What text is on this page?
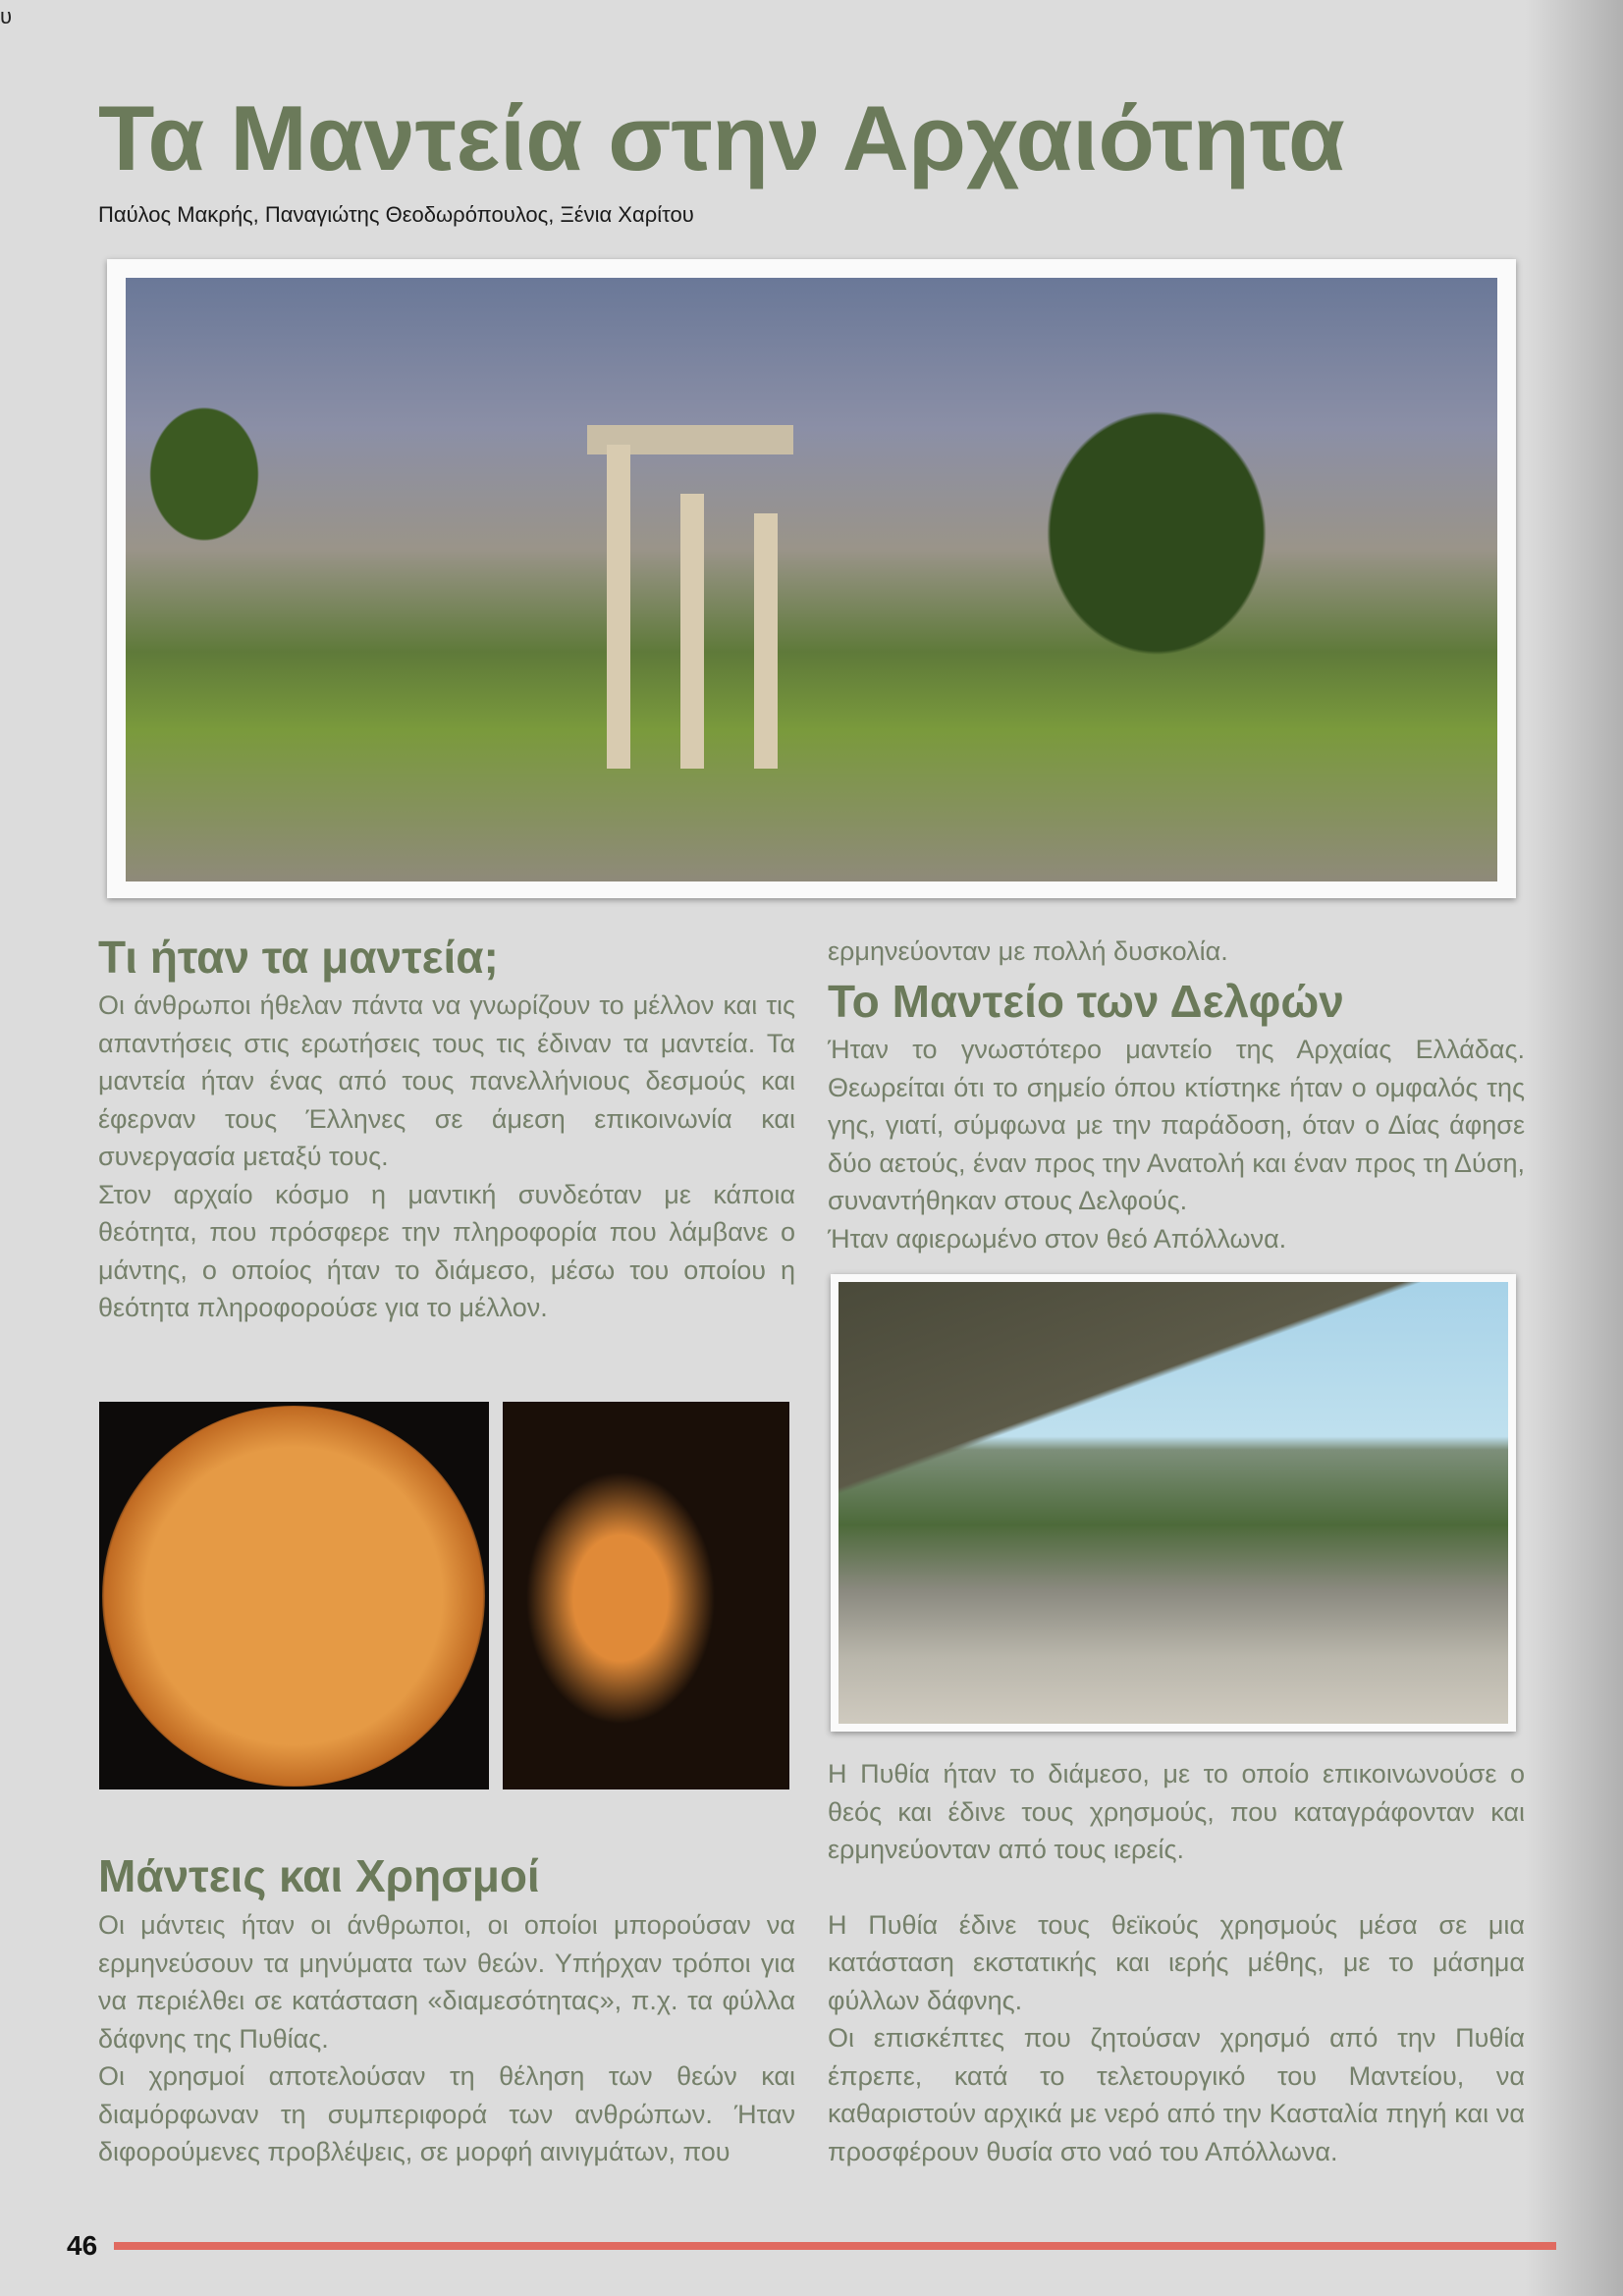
υ
Τα Μαντεία στην Αρχαιότητα
Παύλος Μακρής, Παναγιώτης Θεοδωρόπουλος, Ξένια Χαρίτου
Τι ήταν τα μαντεία;

Οι άνθρωποι ήθελαν πάντα να γνωρίζουν το μέλλον και τις απαντήσεις στις ερωτήσεις τους τις έδιναν τα μαντεία. Τα μαντεία ήταν ένας από τους πανελλήνιους δεσμούς και έφερναν τους Έλληνες σε άμεση επικοινωνία και συνεργασία μεταξύ τους.

Στον αρχαίο κόσμο η μαντική συνδεόταν με κάποια θεότητα, που πρόσφερε την πληροφορία που λάμβανε ο μάντης, ο οποίος ήταν το διάμεσο, μέσω του οποίου η θεότητα πληροφορούσε για το μέλλον.

Μάντεις και Χρησμοί

Οι μάντεις ήταν οι άνθρωποι, οι οποίοι μπορούσαν να ερμηνεύσουν τα μηνύματα των θεών. Υπήρχαν τρόποι για να περιέλθει σε κατάσταση «διαμεσότητας», π.χ. τα φύλλα δάφνης της Πυθίας.

Οι χρησμοί αποτελούσαν τη θέληση των θεών και διαμόρφωναν τη συμπεριφορά των ανθρώπων. Ήταν διφορούμενες προβλέψεις, σε μορφή αινιγμάτων, που

ερμηνεύονταν με πολλή δυσκολία.

Το Μαντείο των Δελφών

Ήταν το γνωστότερο μαντείο της Αρχαίας Ελλάδας. Θεωρείται ότι το σημείο όπου κτίστηκε ήταν ο ομφαλός της γης, γιατί, σύμφωνα με την παράδοση, όταν ο Δίας άφησε δύο αετούς, έναν προς την Ανατολή και έναν προς τη Δύση, συναντήθηκαν στους Δελφούς.

Ήταν αφιερωμένο στον θεό Απόλλωνα.

Η Πυθία ήταν το διάμεσο, με το οποίο επικοινωνούσε ο θεός και έδινε τους χρησμούς, που καταγράφονταν και ερμηνεύονταν από τους ιερείς.

Η Πυθία έδινε τους θεϊκούς χρησμούς μέσα σε μια κατάσταση εκστατικής και ιερής μέθης, με το μάσημα φύλλων δάφνης.

Οι επισκέπτες που ζητούσαν χρησμό από την Πυθία έπρεπε, κατά το τελετουργικό του Μαντείου, να καθαριστούν αρχικά με νερό από την Κασταλία πηγή και να προσφέρουν θυσία στο ναό του Απόλλωνα.

46
